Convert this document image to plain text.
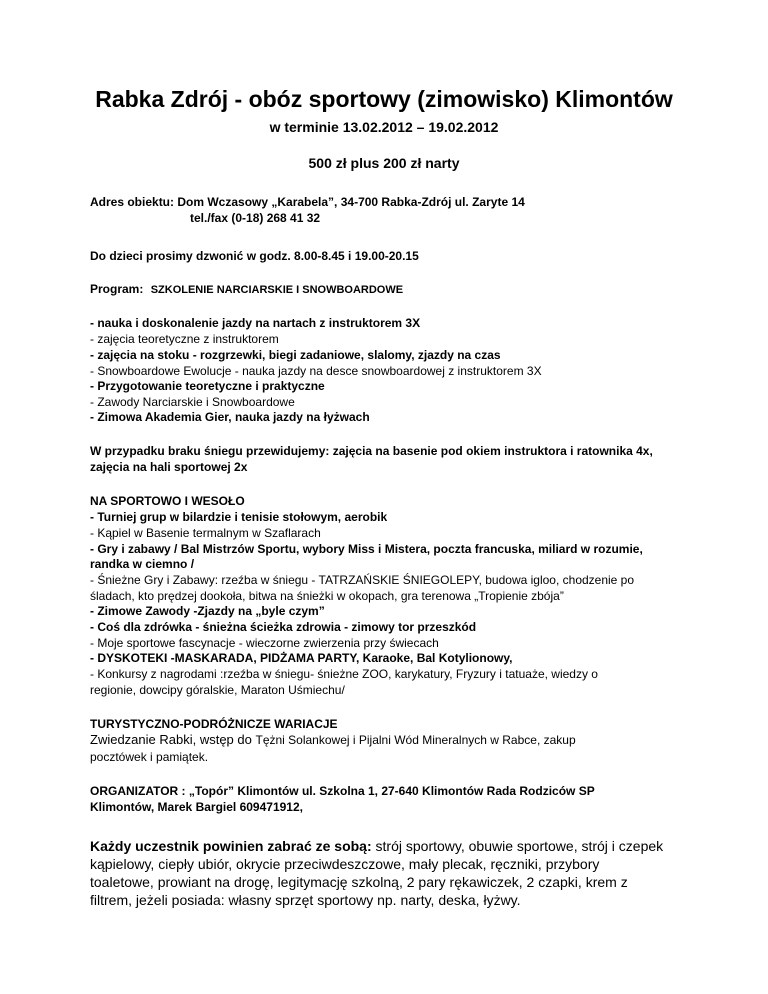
Rabka Zdrój - obóz sportowy (zimowisko) Klimontów
w terminie 13.02.2012 – 19.02.2012
500 zł plus 200 zł narty
Adres obiektu: Dom Wczasowy „Karabela”, 34-700 Rabka-Zdrój ul. Zaryte 14
tel./fax (0-18) 268 41 32
Do dzieci prosimy dzwonić w godz. 8.00-8.45 i 19.00-20.15
Program: SZKOLENIE NARCIARSKIE I SNOWBOARDOWE
- nauka i doskonalenie jazdy na nartach z instruktorem 3X
- zajęcia teoretyczne z instruktorem
- zajęcia na stoku - rozgrzewki, biegi zadaniowe, slalomy, zjazdy na czas
- Snowboardowe Ewolucje - nauka jazdy na desce snowboardowej z instruktorem 3X
- Przygotowanie teoretyczne i praktyczne
- Zawody Narciarskie i Snowboardowe
- Zimowa Akademia Gier, nauka jazdy na łyżwach
W przypadku braku śniegu przewidujemy: zajęcia na basenie pod okiem instruktora i ratownika 4x,
zajęcia na hali sportowej 2x
NA SPORTOWO I WESOŁO
- Turniej grup w bilardzie i tenisie stołowym, aerobik
- Kąpiel w Basenie termalnym w Szaflarach
- Gry i zabawy / Bal Mistrzów Sportu, wybory Miss i Mistera, poczta francuska, miliard w rozumie,
randka w ciemno /
- Śnieżne Gry i Zabawy: rzeźba w śniegu - TATRZAŃSKIE ŚNIEGOLEPY, budowa igloo, chodzenie po
śladach, kto prędzej dookoła, bitwa na śnieżki w okopach, gra terenowa „Tropienie zbója”
- Zimowe Zawody -Zjazdy na „byle czym”
- Coś dla zdrówka - śnieżna ścieżka zdrowia - zimowy tor przeszkód
- Moje sportowe fascynacje - wieczorne zwierzenia przy świecach
- DYSKOTEKI -MASKARADA, PIDŻAMA PARTY, Karaoke, Bal Kotylionowy,
- Konkursy z nagrodami :rzeźba w śniegu- śnieżne ZOO, karykatury, Fryzury i tatuaże, wiedzy o
regionie, dowcipy góralskie, Maraton Uśmiechu/
TURYSTYCZNO-PODRÓŻNICZE WARIACJE
Zwiedzanie Rabki, wstęp do Tężni Solankowej i Pijalni Wód Mineralnych w Rabce, zakup
pocztówek i pamiątek.
ORGANIZATOR : „Topór” Klimontów ul. Szkolna 1, 27-640 Klimontów Rada Rodziców SP
Klimontów, Marek Bargiel 609471912,
Każdy uczestnik powinien zabrać ze sobą: strój sportowy, obuwie sportowe, strój i czepek
kąpielowy, ciepły ubiór, okrycie przeciwdeszczowe, mały plecak, ręczniki, przybory
toaletowe, prowiant na drogę, legitymację szkolną, 2 pary rękawiczek, 2 czapki, krem z
filtrem, jeżeli posiada: własny sprzęt sportowy np. narty, deska, łyżwy.
